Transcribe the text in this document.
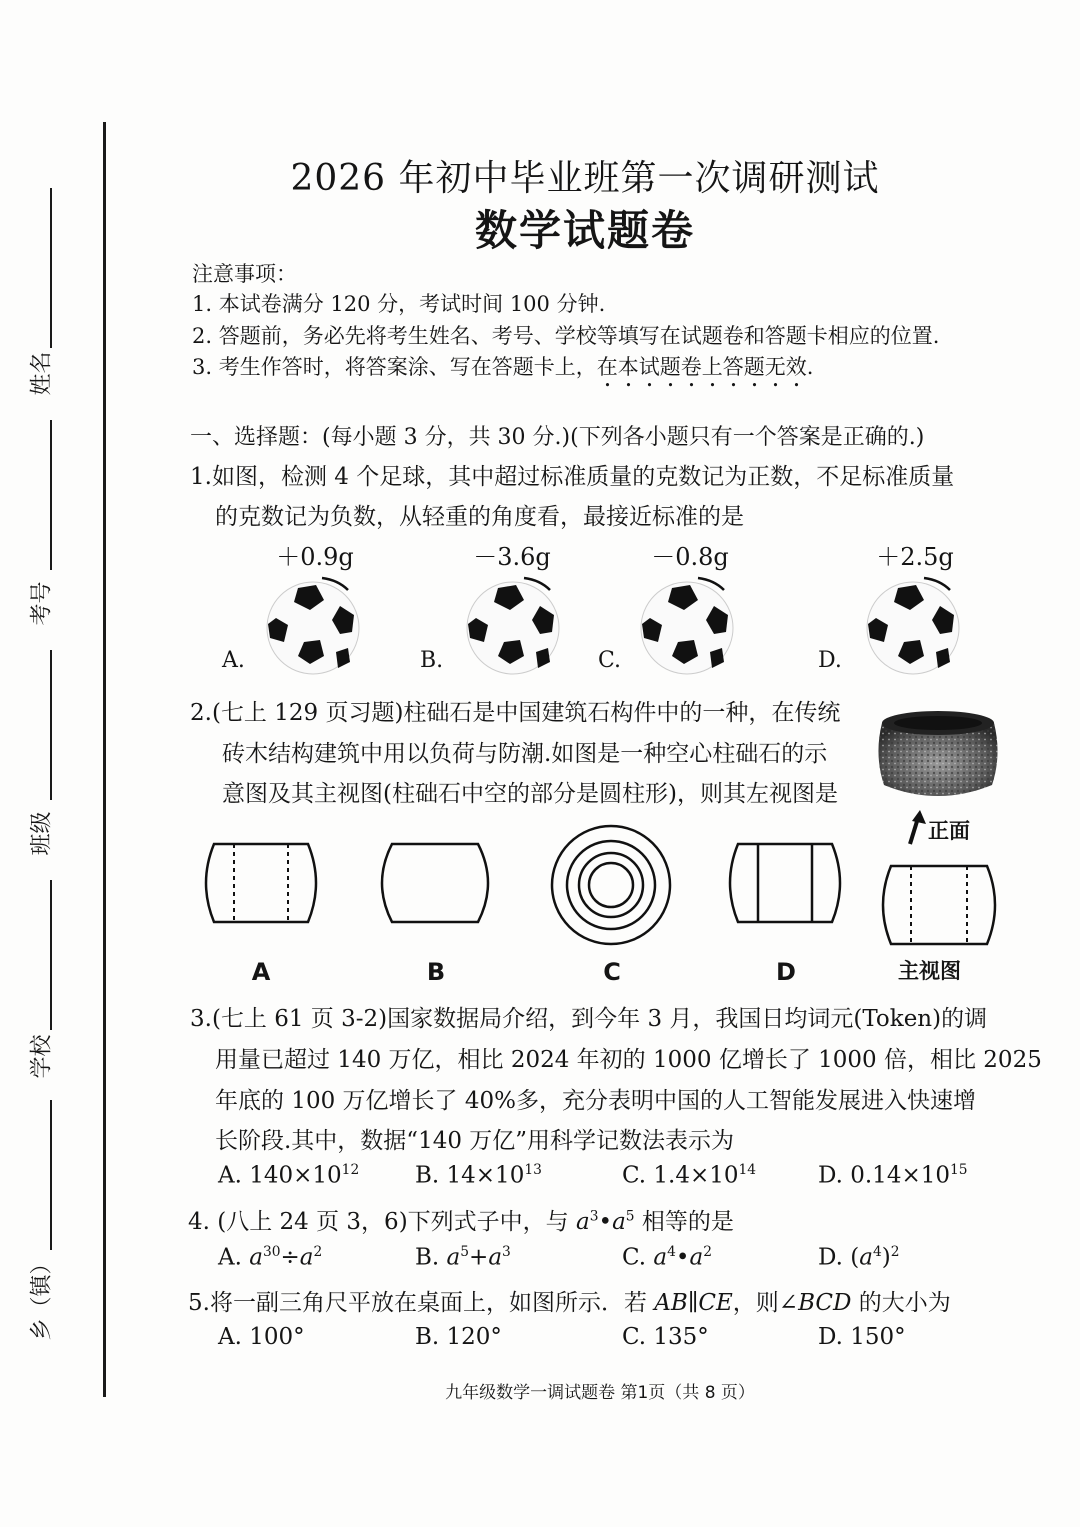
姓名
考号
班级
学校
乡（镇）
2026 年初中毕业班第一次调研测试
数学试题卷
注意事项：
1. 本试卷满分 120 分，考试时间 100 分钟.
2. 答题前，务必先将考生姓名、考号、学校等填写在试题卷和答题卡相应的位置.
3. 考生作答时，将答案涂、写在答题卡上，在本试题卷上答题无效.
一、选择题：(每小题 3 分，共 30 分.)(下列各小题只有一个答案是正确的.)
1.如图，检测 4 个足球，其中超过标准质量的克数记为正数，不足标准质量
的克数记为负数，从轻重的角度看，最接近标准的是
＋0.9g	－3.6g	－0.8g	＋2.5g
A.	B.	C.	D.
2.(七上 129 页习题)柱础石是中国建筑石构件中的一种，在传统
砖木结构建筑中用以负荷与防潮.如图是一种空心柱础石的示
意图及其主视图(柱础石中空的部分是圆柱形)，则其左视图是
正面
A	B	C	D	主视图
3.(七上 61 页 3-2)国家数据局介绍，到今年 3 月，我国日均词元(Token)的调
用量已超过 140 万亿，相比 2024 年初的 1000 亿增长了 1000 倍，相比 2025
年底的 100 万亿增长了 40%多，充分表明中国的人工智能发展进入快速增
长阶段.其中，数据“140 万亿”用科学记数法表示为
A. $140\times 10^{12}$ B. $14\times 10^{13}$	C. $1.4\times 10^{14}$	D. $0.14\times 10^{15}$
4. (八上 24 页 3，6)下列式子中，与 $a^3•a^5$ 相等的是
A. $a^{30}\div a^2$	B. $a^5+a^3$	C. $a^4•a^2$	D. $(a^4)^2$
5.将一副三角尺平放在桌面上，如图所示．若 AB∥CE，则∠BCD 的大小为
A. 100°	B. 120°	C. 135°	D. 150°
九年级数学一调试题卷 第1页（共 8 页）
